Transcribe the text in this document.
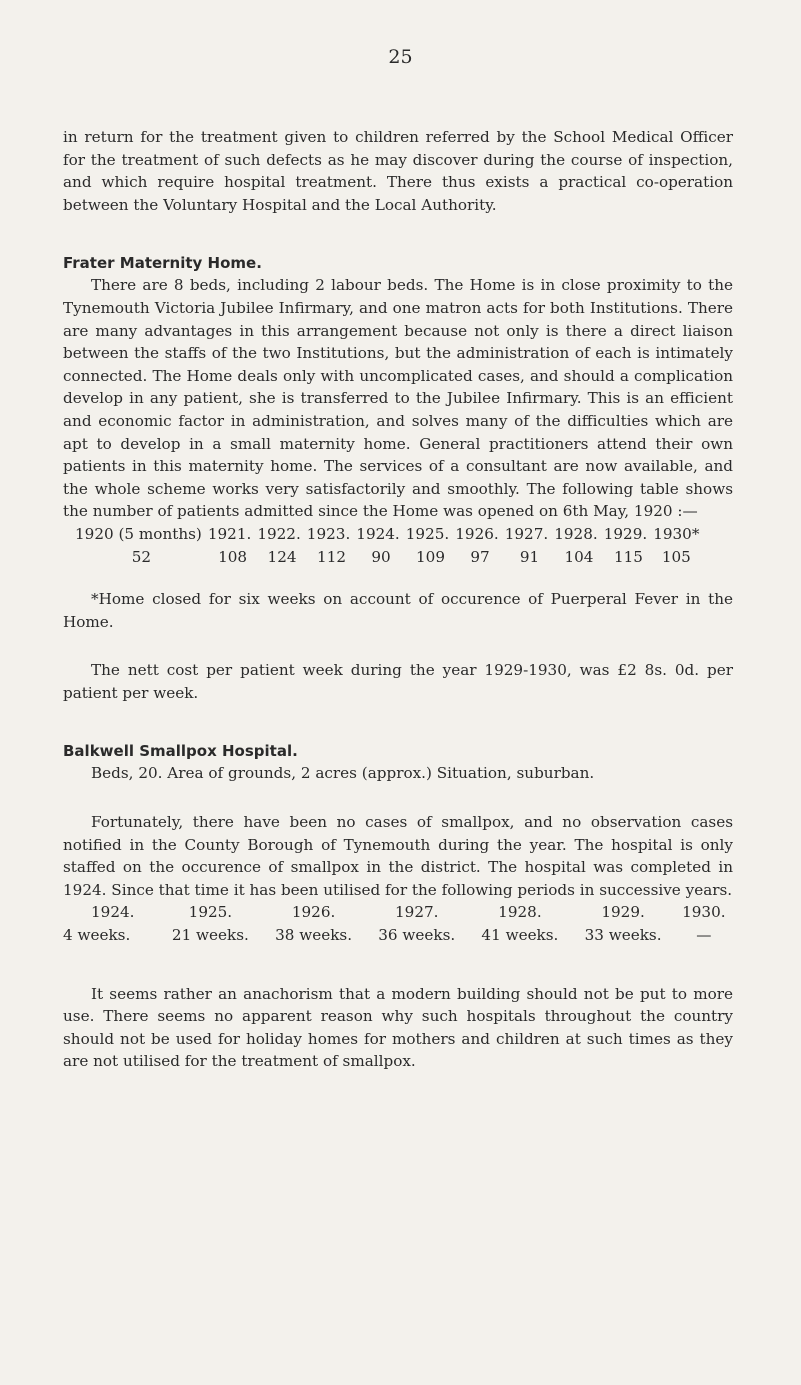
25

in return for the treatment given to children referred by the School Medical Officer for the treatment of such defects as he may discover during the course of inspection, and which require hospital treatment. There thus exists a practical co-operation between the Voluntary Hospital and the Local Authority.

Frater Maternity Home.

There are 8 beds, including 2 labour beds. The Home is in close proximity to the Tynemouth Victoria Jubilee Infirmary, and one matron acts for both Institutions. There are many advantages in this arrangement because not only is there a direct liaison between the staffs of the two Institutions, but the administration of each is intimately connected. The Home deals only with uncomplicated cases, and should a complication develop in any patient, she is transferred to the Jubilee Infirmary. This is an efficient and economic factor in administration, and solves many of the difficulties which are apt to develop in a small maternity home. General practitioners attend their own patients in this maternity home. The services of a consultant are now available, and the whole scheme works very satisfactorily and smoothly. The following table shows the number of patients admitted since the Home was opened on 6th May, 1920 :—

1920 (5 months)	1921.	1922.	1923.	1924.	1925.	1926.	1927.	1928.	1929.	1930*
52	108	124	112	90	109	97	91	104	115	105

*Home closed for six weeks on account of occurence of Puerperal Fever in the Home.

The nett cost per patient week during the year 1929-1930, was £2 8s. 0d. per patient per week.

Balkwell Smallpox Hospital.

Beds, 20. Area of grounds, 2 acres (approx.) Situation, suburban.

Fortunately, there have been no cases of smallpox, and no observation cases notified in the County Borough of Tynemouth during the year. The hospital is only staffed on the occurence of smallpox in the district. The hospital was completed in 1924. Since that time it has been utilised for the following periods in successive years.

1924.	1925.	1926.	1927.	1928.	1929.	1930.
4 weeks.	21 weeks.	38 weeks.	36 weeks.	41 weeks.	33 weeks.	—

It seems rather an anachorism that a modern building should not be put to more use. There seems no apparent reason why such hospitals throughout the country should not be used for holiday homes for mothers and children at such times as they are not utilised for the treatment of smallpox.
